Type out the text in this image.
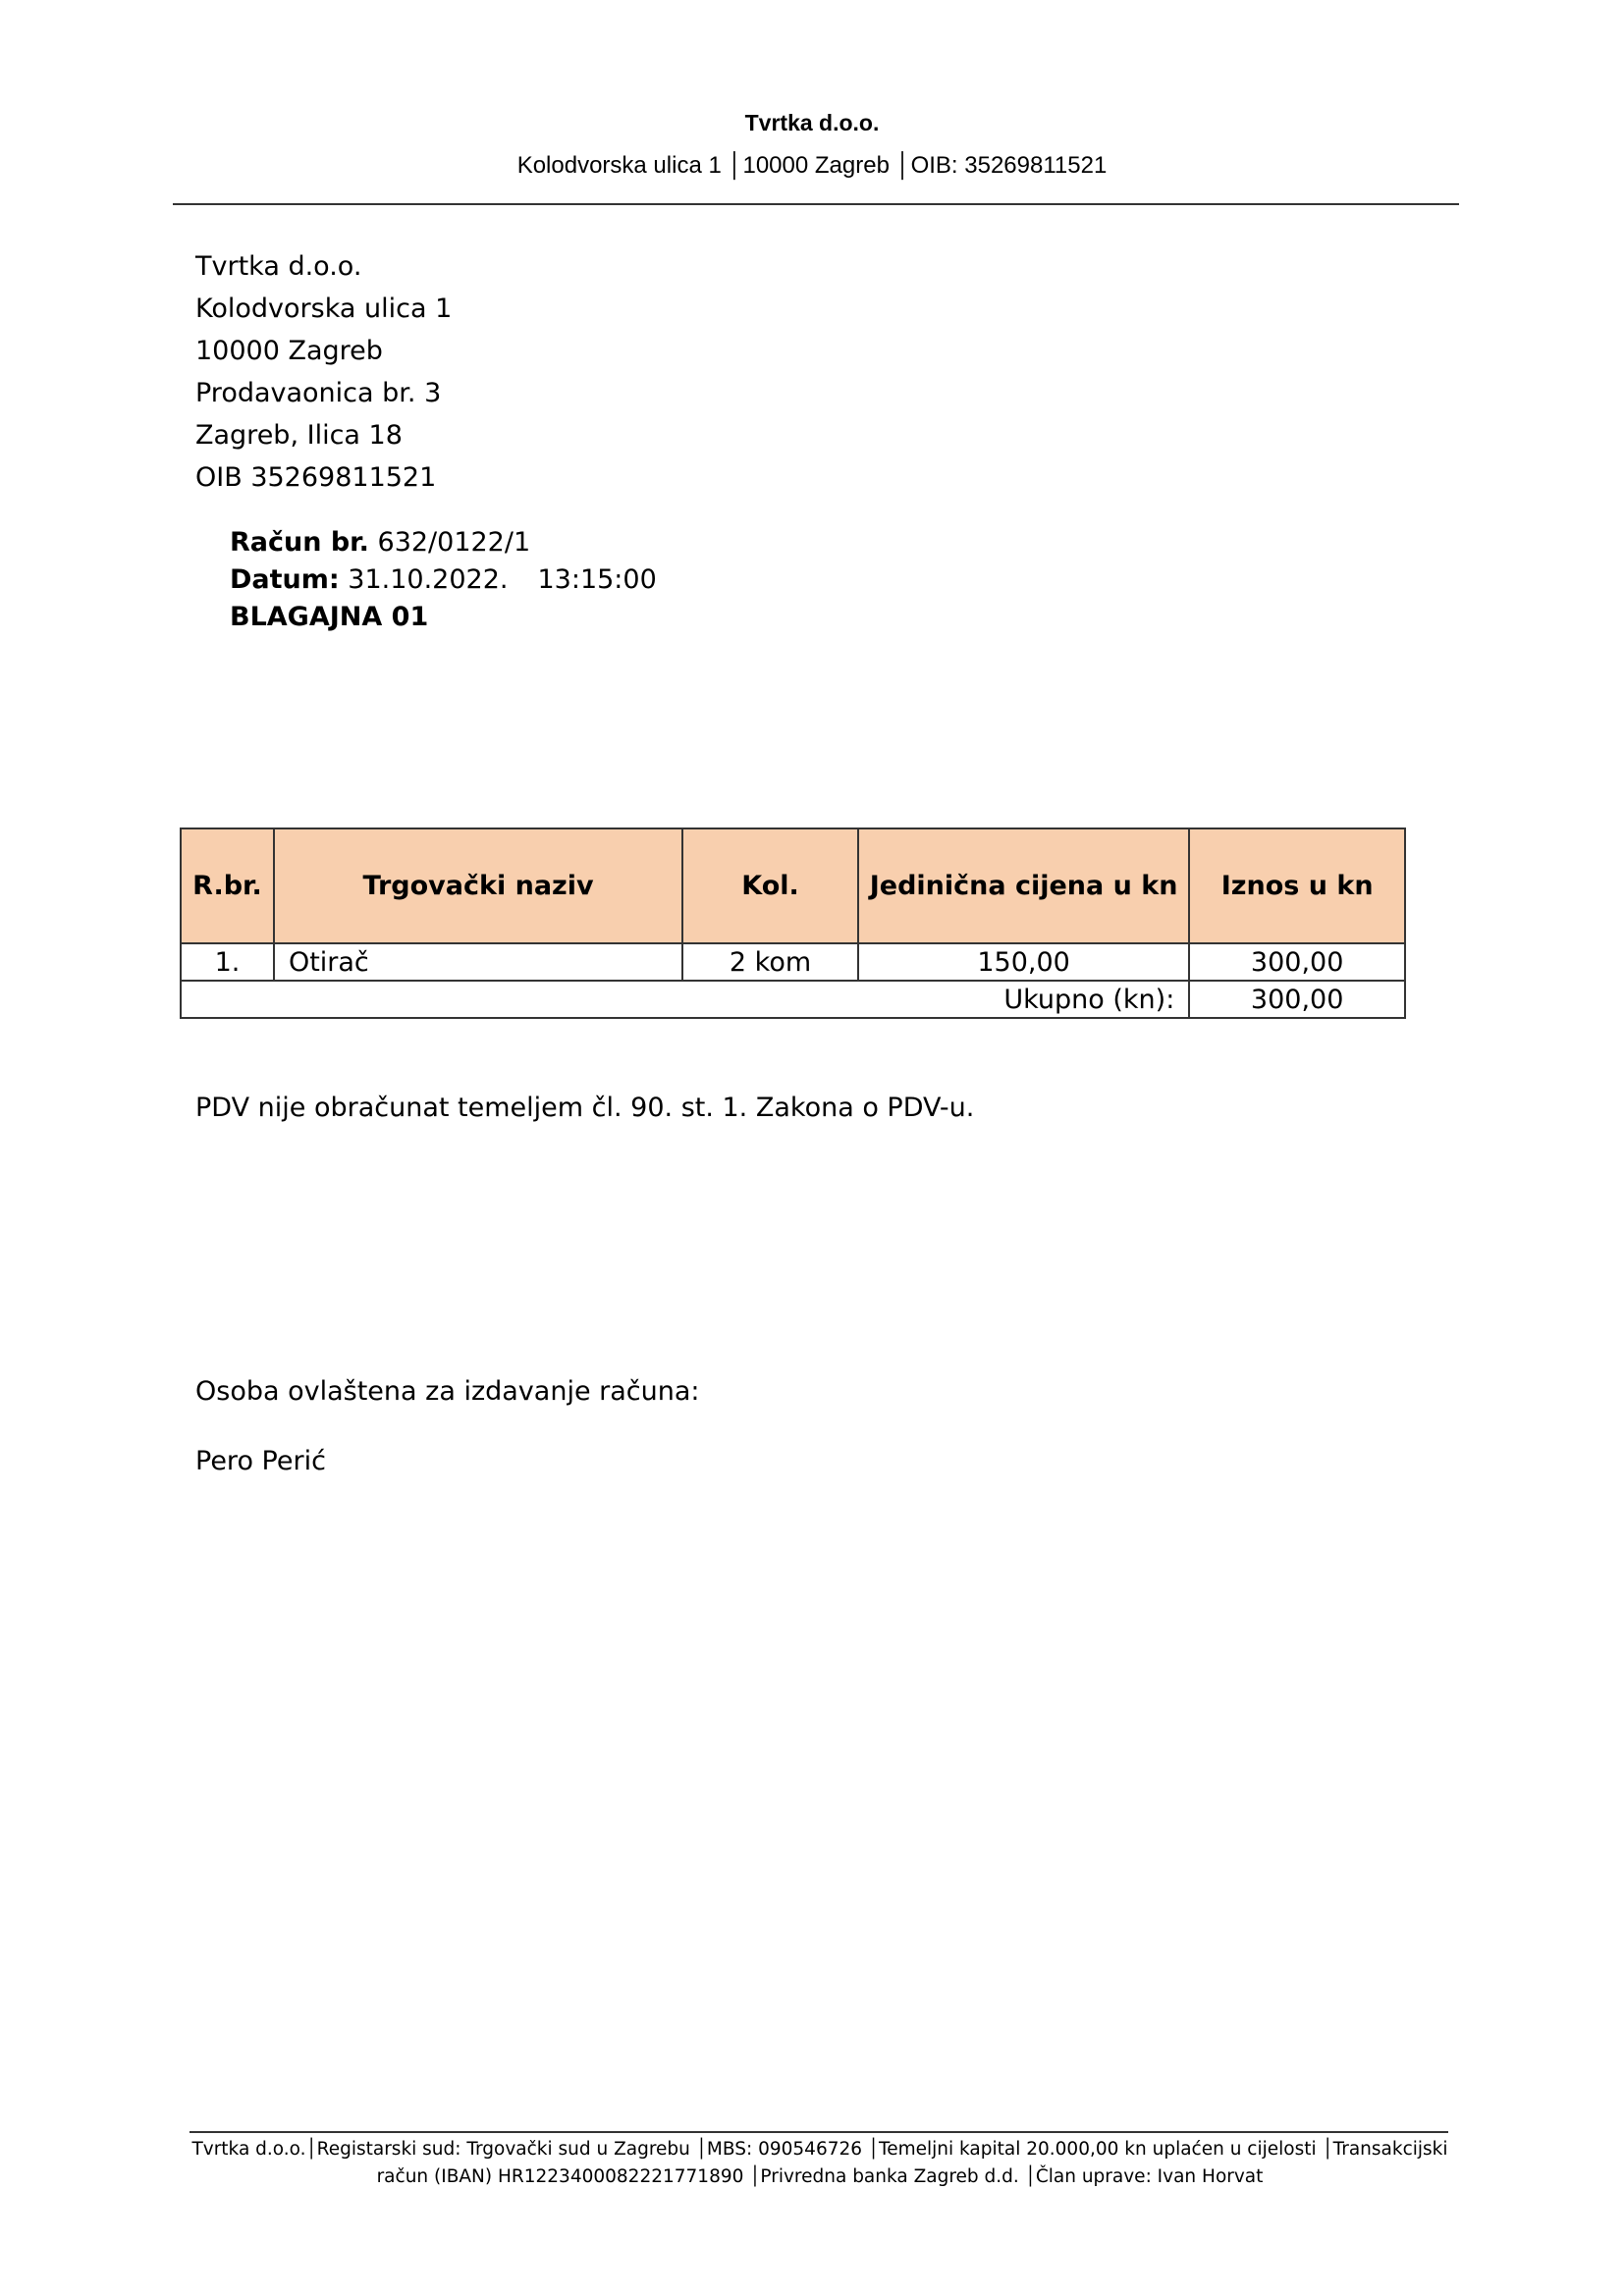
Tvrtka d.o.o.
Kolodvorska ulica 1 │10000 Zagreb │OIB: 35269811521
Tvrtka d.o.o.
Kolodvorska ulica 1
10000 Zagreb
Prodavaonica br. 3
Zagreb, Ilica 18
OIB 35269811521
Račun br. 632/0122/1
Datum: 31.10.2022. 13:15:00
BLAGAJNA 01
R.br.	Trgovački naziv	Kol.	Jedinična cijena u kn	Iznos u kn
1.	Otirač	2 kom	150,00	300,00
Ukupno (kn):				300,00
PDV nije obračunat temeljem čl. 90. st. 1. Zakona o PDV-u.
Osoba ovlaštena za izdavanje računa:
Pero Perić
Tvrtka d.o.o.│Registarski sud: Trgovački sud u Zagrebu │MBS: 090546726 │Temeljni kapital 20.000,00 kn uplaćen u cijelosti │Transakcijski
račun (IBAN) HR1223400082221771890 │Privredna banka Zagreb d.d. │Član uprave: Ivan Horvat
